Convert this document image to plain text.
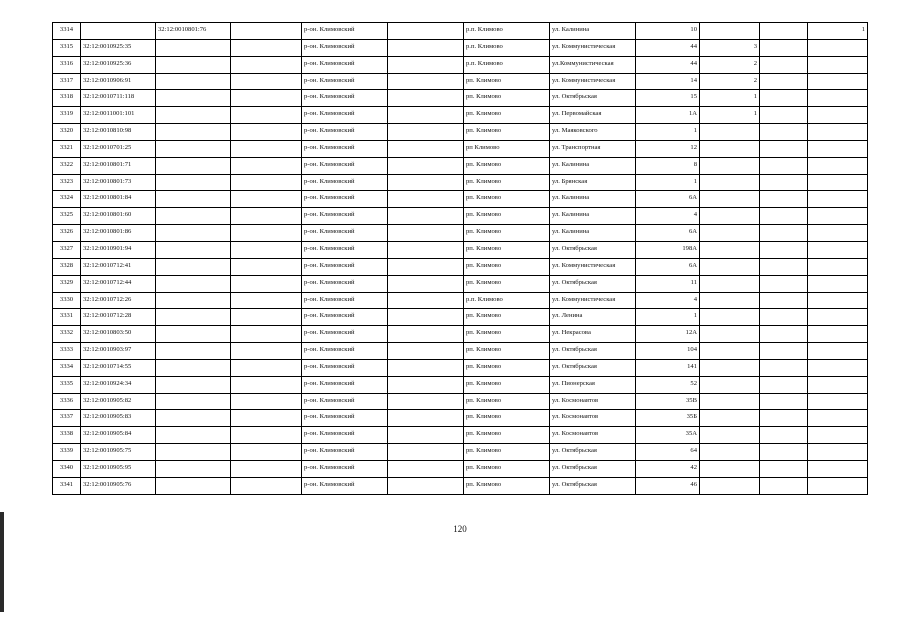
3314		32:12:0010801:76		р-он. Климовский		р.п. Климово	ул. Калинина	10			1
3315	32:12:0010925:35			р-он. Климовский		р.п. Климово	ул. Коммунистическая	44	3		
3316	32:12:0010925:36			р-он. Климовский		р.п. Климово	ул.Коммунистическая	44	2		
3317	32:12:0010906:91			р-он. Климовский		рп. Климово	ул. Коммунистическая	14	2		
3318	32:12:0010711:118			р-он. Климовский		рп. Климово	ул. Октябрьская	15	1		
3319	32:12:0011001:101			р-он. Климовский		рп. Климово	ул. Первомайская	1А	1		
3320	32:12:0010810:98			р-он. Климовский		рп. Климово	ул. Маяковского	1			
3321	32:12:0010701:25			р-он. Климовский		рп Климово	ул. Транспортная	12			
3322	32:12:0010801:71			р-он. Климовский		рп. Климово	ул. Калинина	8			
3323	32:12:0010801:73			р-он. Климовский		рп. Климово	ул. Брянская	1			
3324	32:12:0010801:84			р-он. Климовский		рп. Климово	ул. Калинина	6А			
3325	32:12:0010801:60			р-он. Климовский		рп. Климово	ул. Калинина	4			
3326	32:12:0010801:86			р-он. Климовский		рп. Климово	ул. Калинина	6А			
3327	32:12:0010901:94			р-он. Климовский		рп. Климово	ул. Октябрьская	198А			
3328	32:12:0010712:41			р-он. Климовский		рп. Климово	ул. Коммунистическая	6А			
3329	32:12:0010712:44			р-он. Климовский		рп. Климово	ул. Октябрьская	11			
3330	32:12:0010712:26			р-он. Климовский		р.п. Климово	ул. Коммунистическая	4			
3331	32:12:0010712:28			р-он. Климовский		рп. Климово	ул. Ленина	1			
3332	32:12:0010803:50			р-он. Климовский		рп. Климово	ул. Некрасова	12А			
3333	32:12:0010903:97			р-он. Климовский		рп. Климово	ул. Октябрьская	104			
3334	32:12:0010714:55			р-он. Климовский		рп. Климово	ул. Октябрьская	141			
3335	32:12:0010924:34			р-он. Климовский		рп. Климово	ул. Пионерская	52			
3336	32:12:0010905:82			р-он. Климовский		рп. Климово	ул. Космонавтов	35В			
3337	32:12:0010905:83			р-он. Климовский		рп. Климово	ул. Космонавтов	35Б			
3338	32:12:0010905:84			р-он. Климовский		рп. Климово	ул. Космонавтов	35А			
3339	32:12:0010905:75			р-он. Климовский		рп. Климово	ул. Октябрьская	64			
3340	32:12:0010905:95			р-он. Климовский		рп. Климово	ул. Октябрьская	42			
3341	32:12:0010905:76			р-он. Климовский		рп. Климово	ул. Октябрьская	46			
120
